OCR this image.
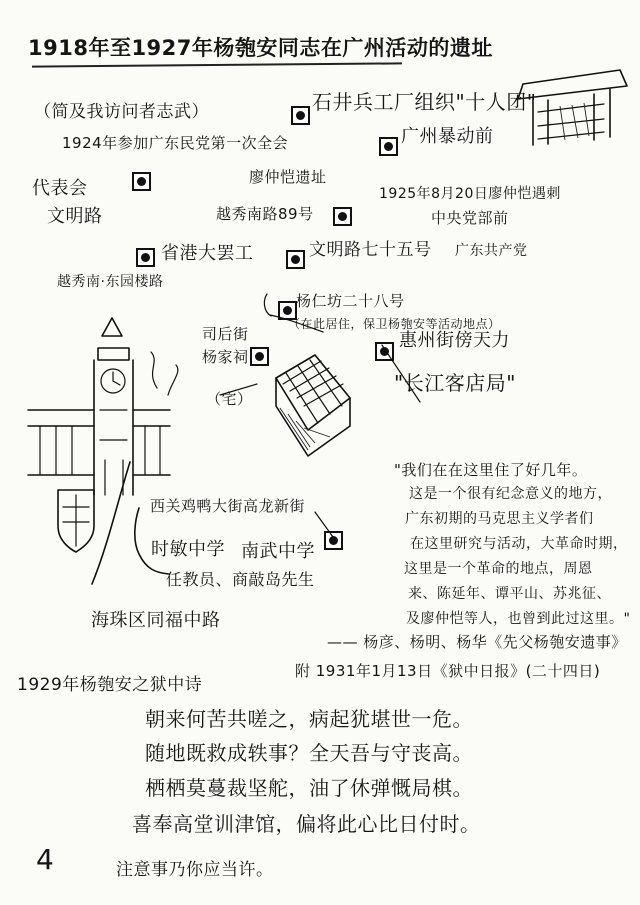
1918年至1927年杨匏安同志在广州活动的遗址
（简及我访问者志武）	石井兵工厂组织"十人团"
广州暴动前
1924年参加广东民党第一次全会
代表会
文明路
廖仲恺遗址
越秀南路89号
1925年8月20日廖仲恺遇刺
中央党部前
省港大罢工	文明路七十五号 广东共产党
越秀南·东园楼路
杨仁坊二十八号
（在此居住，保卫杨匏安等活动地点）
惠州街傍天力
"长江客店局"
司后街
杨家祠
（宅）
西关鸡鸭大街高龙新街
时敏中学 南武中学
任教员、商敲岛先生
海珠区同福中路
"我们在在这里住了好几年。
这是一个很有纪念意义的地方，
广东初期的马克思主义学者们
在这里研究与活动，大革命时期，
这里是一个革命的地点，周恩
来、陈延年、谭平山、苏兆征、
及廖仲恺等人，也曾到此过这里。"
—— 杨彦、杨明、杨华《先父杨匏安遗事》
1929年杨匏安之狱中诗
附 1931年1月13日《狱中日报》(二十四日)
朝来何苦共嗟之，病起犹堪世一危。
随地既救成轶事？全天吾与守丧高。
栖栖莫蔓裁坚舵，油了休弹慨局棋。
喜奉高堂训津馆，偏将此心比日付时。
注意事乃你应当许。
4
